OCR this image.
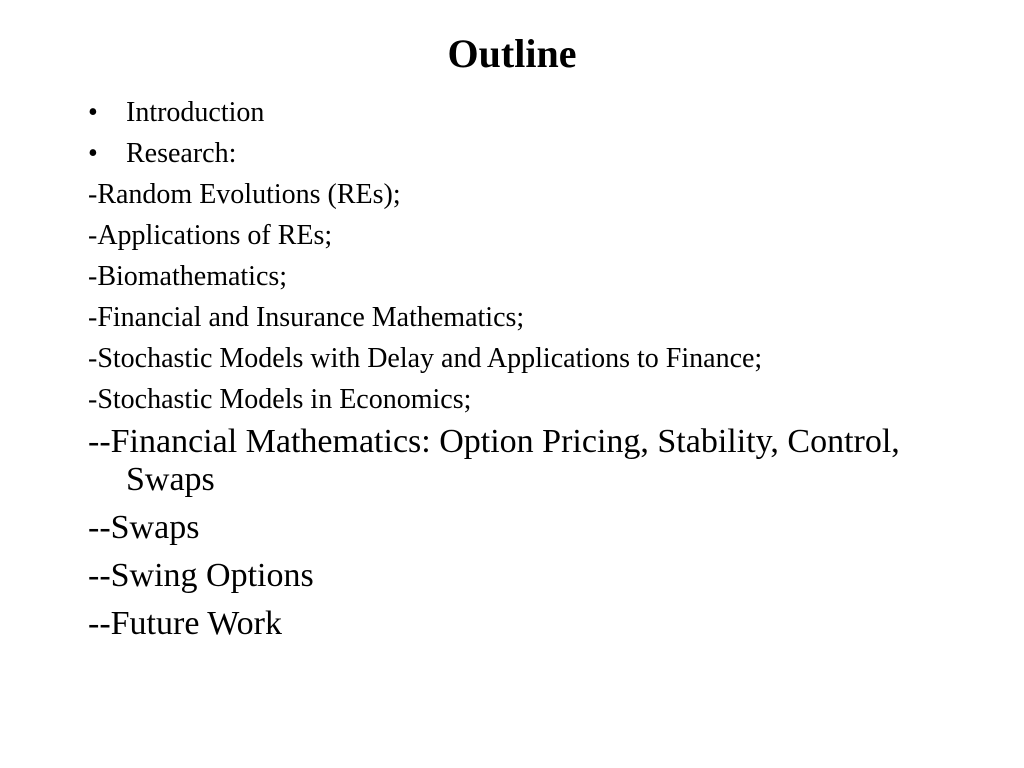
Outline
•	Introduction
•	Research:
-Random Evolutions (REs);
-Applications of REs;
-Biomathematics;
-Financial and Insurance Mathematics;
-Stochastic Models with Delay and Applications to Finance;
-Stochastic Models in Economics;
--Financial Mathematics: Option Pricing, Stability, Control, Swaps
--Swaps
--Swing Options
--Future Work
